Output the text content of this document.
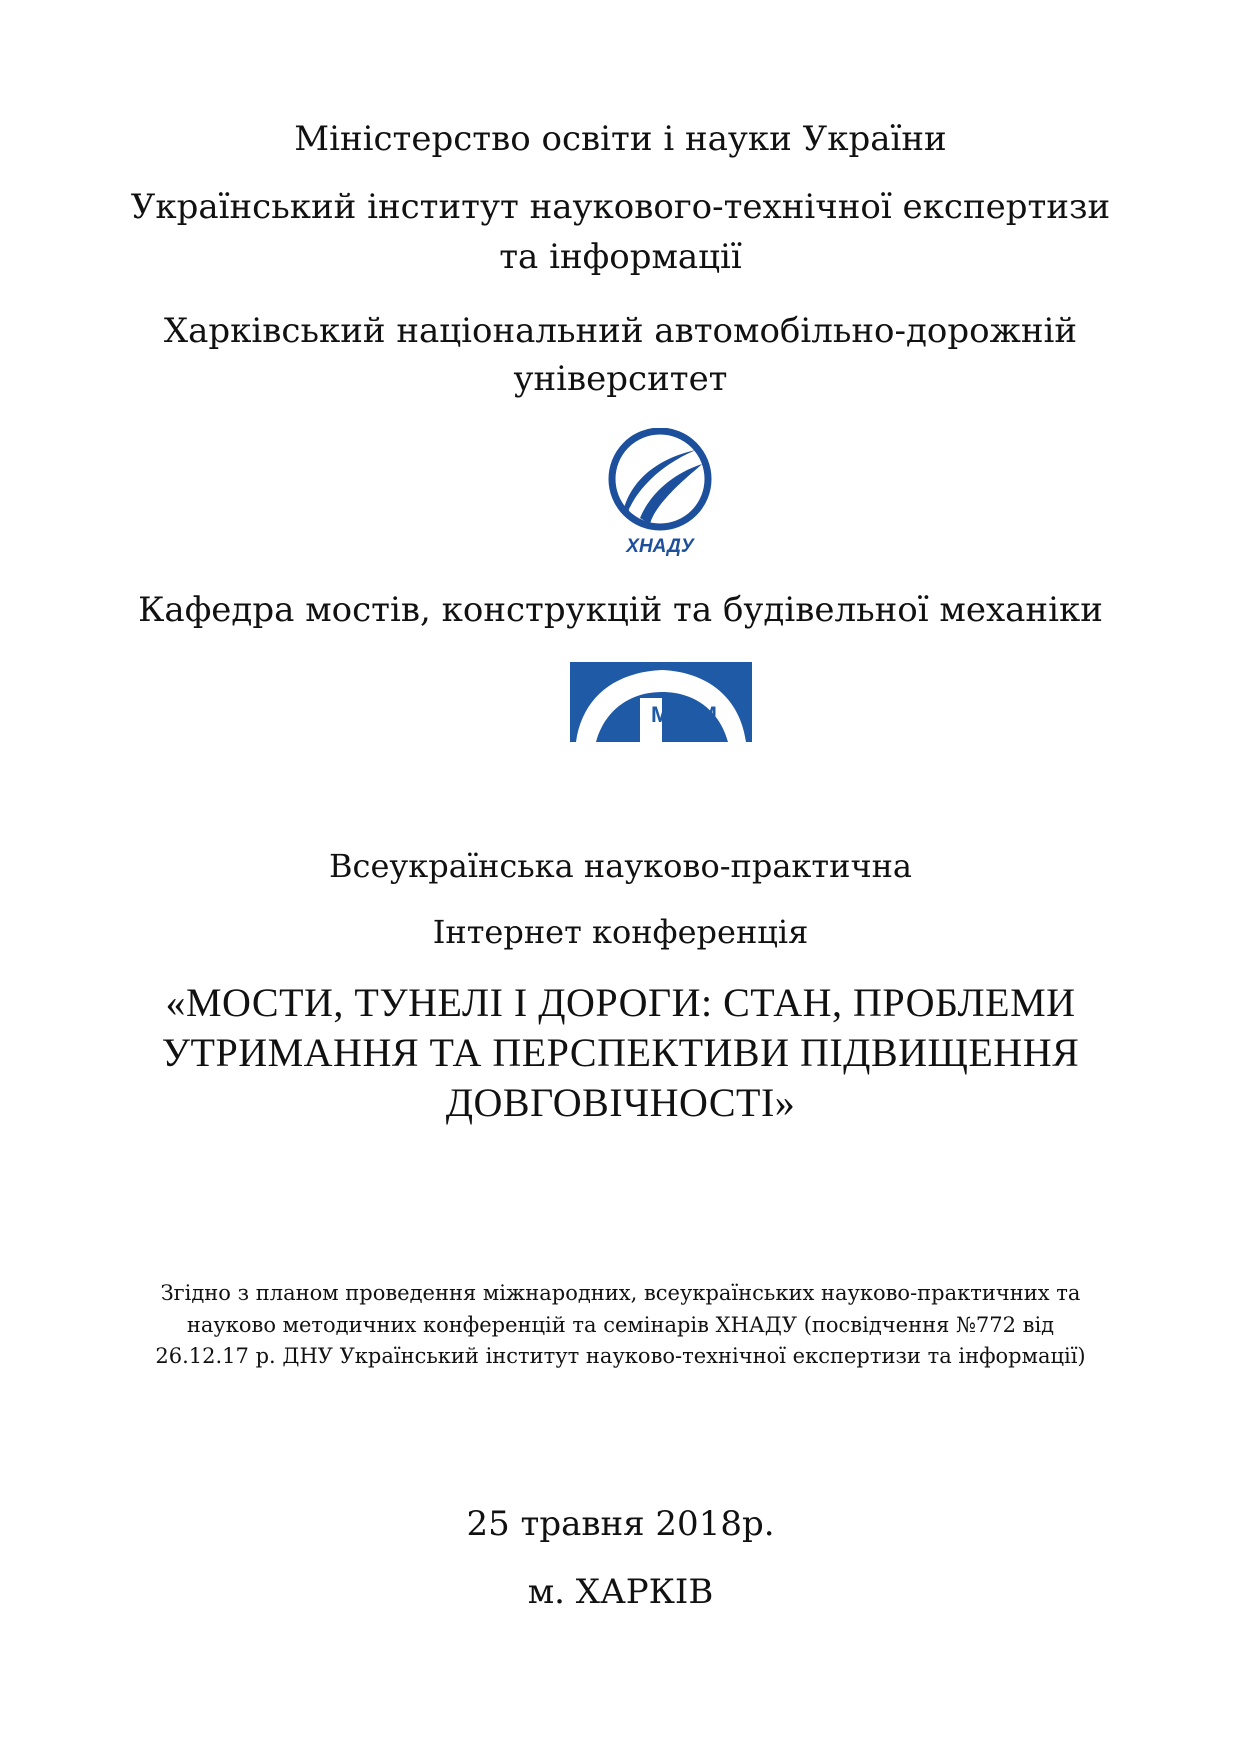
Міністерство освіти і науки України
Український інститут наукового-технічної експертизи
та інформації
Харківський національний автомобільно-дорожній
університет
ХНАДУ
Кафедра мостів, конструкцій та будівельної механіки
МКБМ
Всеукраїнська науково-практична
Інтернет конференція
«МОСТИ, ТУНЕЛІ І ДОРОГИ: СТАН, ПРОБЛЕМИ
УТРИМАННЯ ТА ПЕРСПЕКТИВИ ПІДВИЩЕННЯ
ДОВГОВІЧНОСТІ»
Згідно з планом проведення міжнародних, всеукраїнських науково-практичних та
науково методичних конференцій та семінарів ХНАДУ (посвідчення №772 від
26.12.17 р. ДНУ Український інститут науково-технічної експертизи та інформації)
25 травня 2018р.
м. ХАРКІВ
